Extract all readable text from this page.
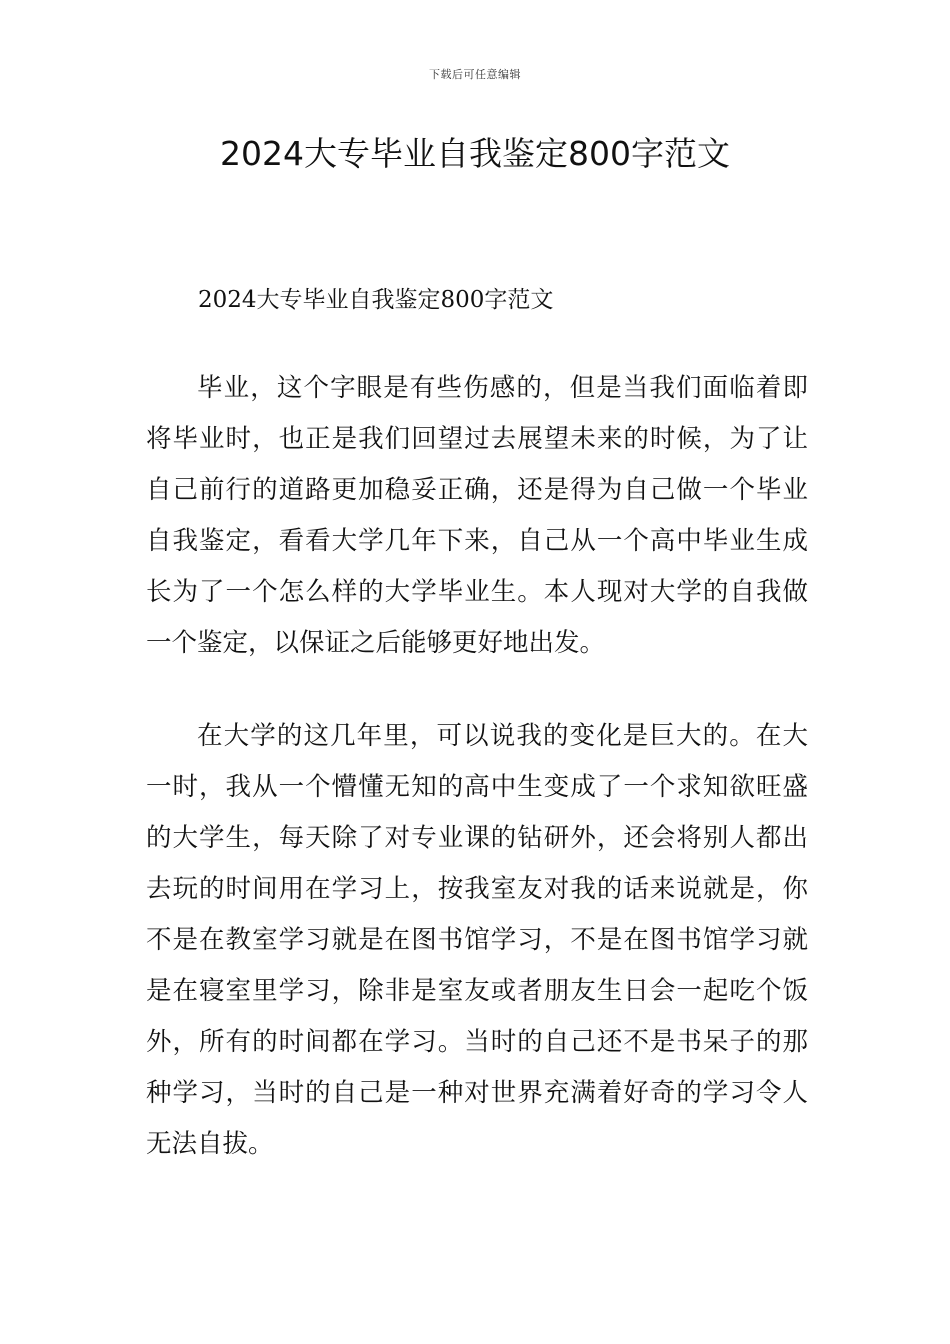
下载后可任意编辑
2024大专毕业自我鉴定800字范文

2024大专毕业自我鉴定800字范文

毕业，这个字眼是有些伤感的，但是当我们面临着即将毕业时，也正是我们回望过去展望未来的时候，为了让自己前行的道路更加稳妥正确，还是得为自己做一个毕业自我鉴定，看看大学几年下来，自己从一个高中毕业生成长为了一个怎么样的大学毕业生。本人现对大学的自我做一个鉴定，以保证之后能够更好地出发。

在大学的这几年里，可以说我的变化是巨大的。在大一时，我从一个懵懂无知的高中生变成了一个求知欲旺盛的大学生，每天除了对专业课的钻研外，还会将别人都出去玩的时间用在学习上，按我室友对我的话来说就是，你不是在教室学习就是在图书馆学习，不是在图书馆学习就是在寝室里学习，除非是室友或者朋友生日会一起吃个饭外，所有的时间都在学习。当时的自己还不是书呆子的那种学习，当时的自己是一种对世界充满着好奇的学习令人无法自拔。
